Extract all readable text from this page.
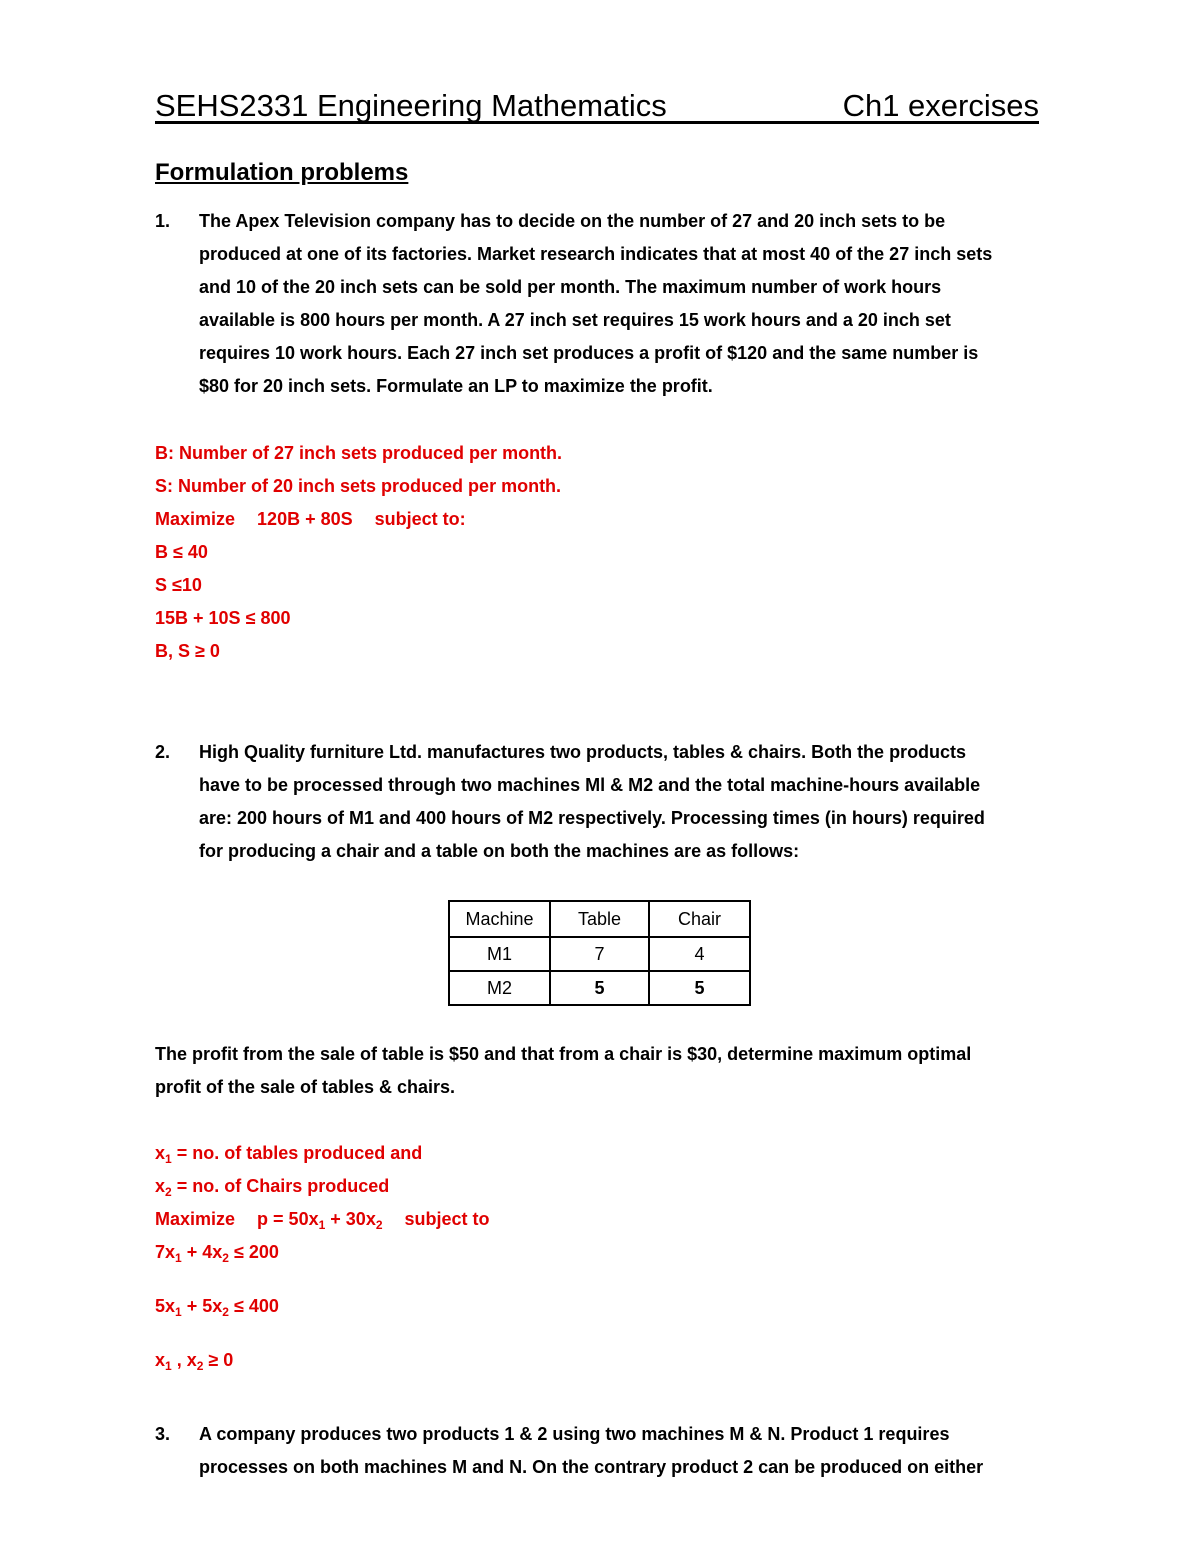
SEHS2331 Engineering Mathematics	Ch1 exercises
Formulation problems
1. The Apex Television company has to decide on the number of 27 and 20 inch sets to be
produced at one of its factories. Market research indicates that at most 40 of the 27 inch sets
and 10 of the 20 inch sets can be sold per month. The maximum number of work hours
available is 800 hours per month. A 27 inch set requires 15 work hours and a 20 inch set
requires 10 work hours. Each 27 inch set produces a profit of $120 and the same number is
$80 for 20 inch sets. Formulate an LP to maximize the profit.
B: Number of 27 inch sets produced per month.
S: Number of 20 inch sets produced per month.
Maximize 120B + 80S subject to:
B ≤ 40
S ≤10
15B + 10S ≤ 800
B, S ≥ 0
2. High Quality furniture Ltd. manufactures two products, tables & chairs. Both the products
have to be processed through two machines Ml & M2 and the total machine-hours available
are: 200 hours of M1 and 400 hours of M2 respectively. Processing times (in hours) required
for producing a chair and a table on both the machines are as follows:
Machine	Table	Chair
M1	7	4
M2	5	5
The profit from the sale of table is $50 and that from a chair is $30, determine maximum optimal
profit of the sale of tables & chairs.
$x_1$ = no. of tables produced and
$x_2$ = no. of Chairs produced
Maximize $p = 50x_1 + 30x_2$ subject to
$7x_1 + 4x_2 \le 200$
$5x_1 + 5x_2 \le 400$
$x_1$ , $x_2 \ge 0$
3. A company produces two products 1 & 2 using two machines M & N. Product 1 requires
processes on both machines M and N. On the contrary product 2 can be produced on either
